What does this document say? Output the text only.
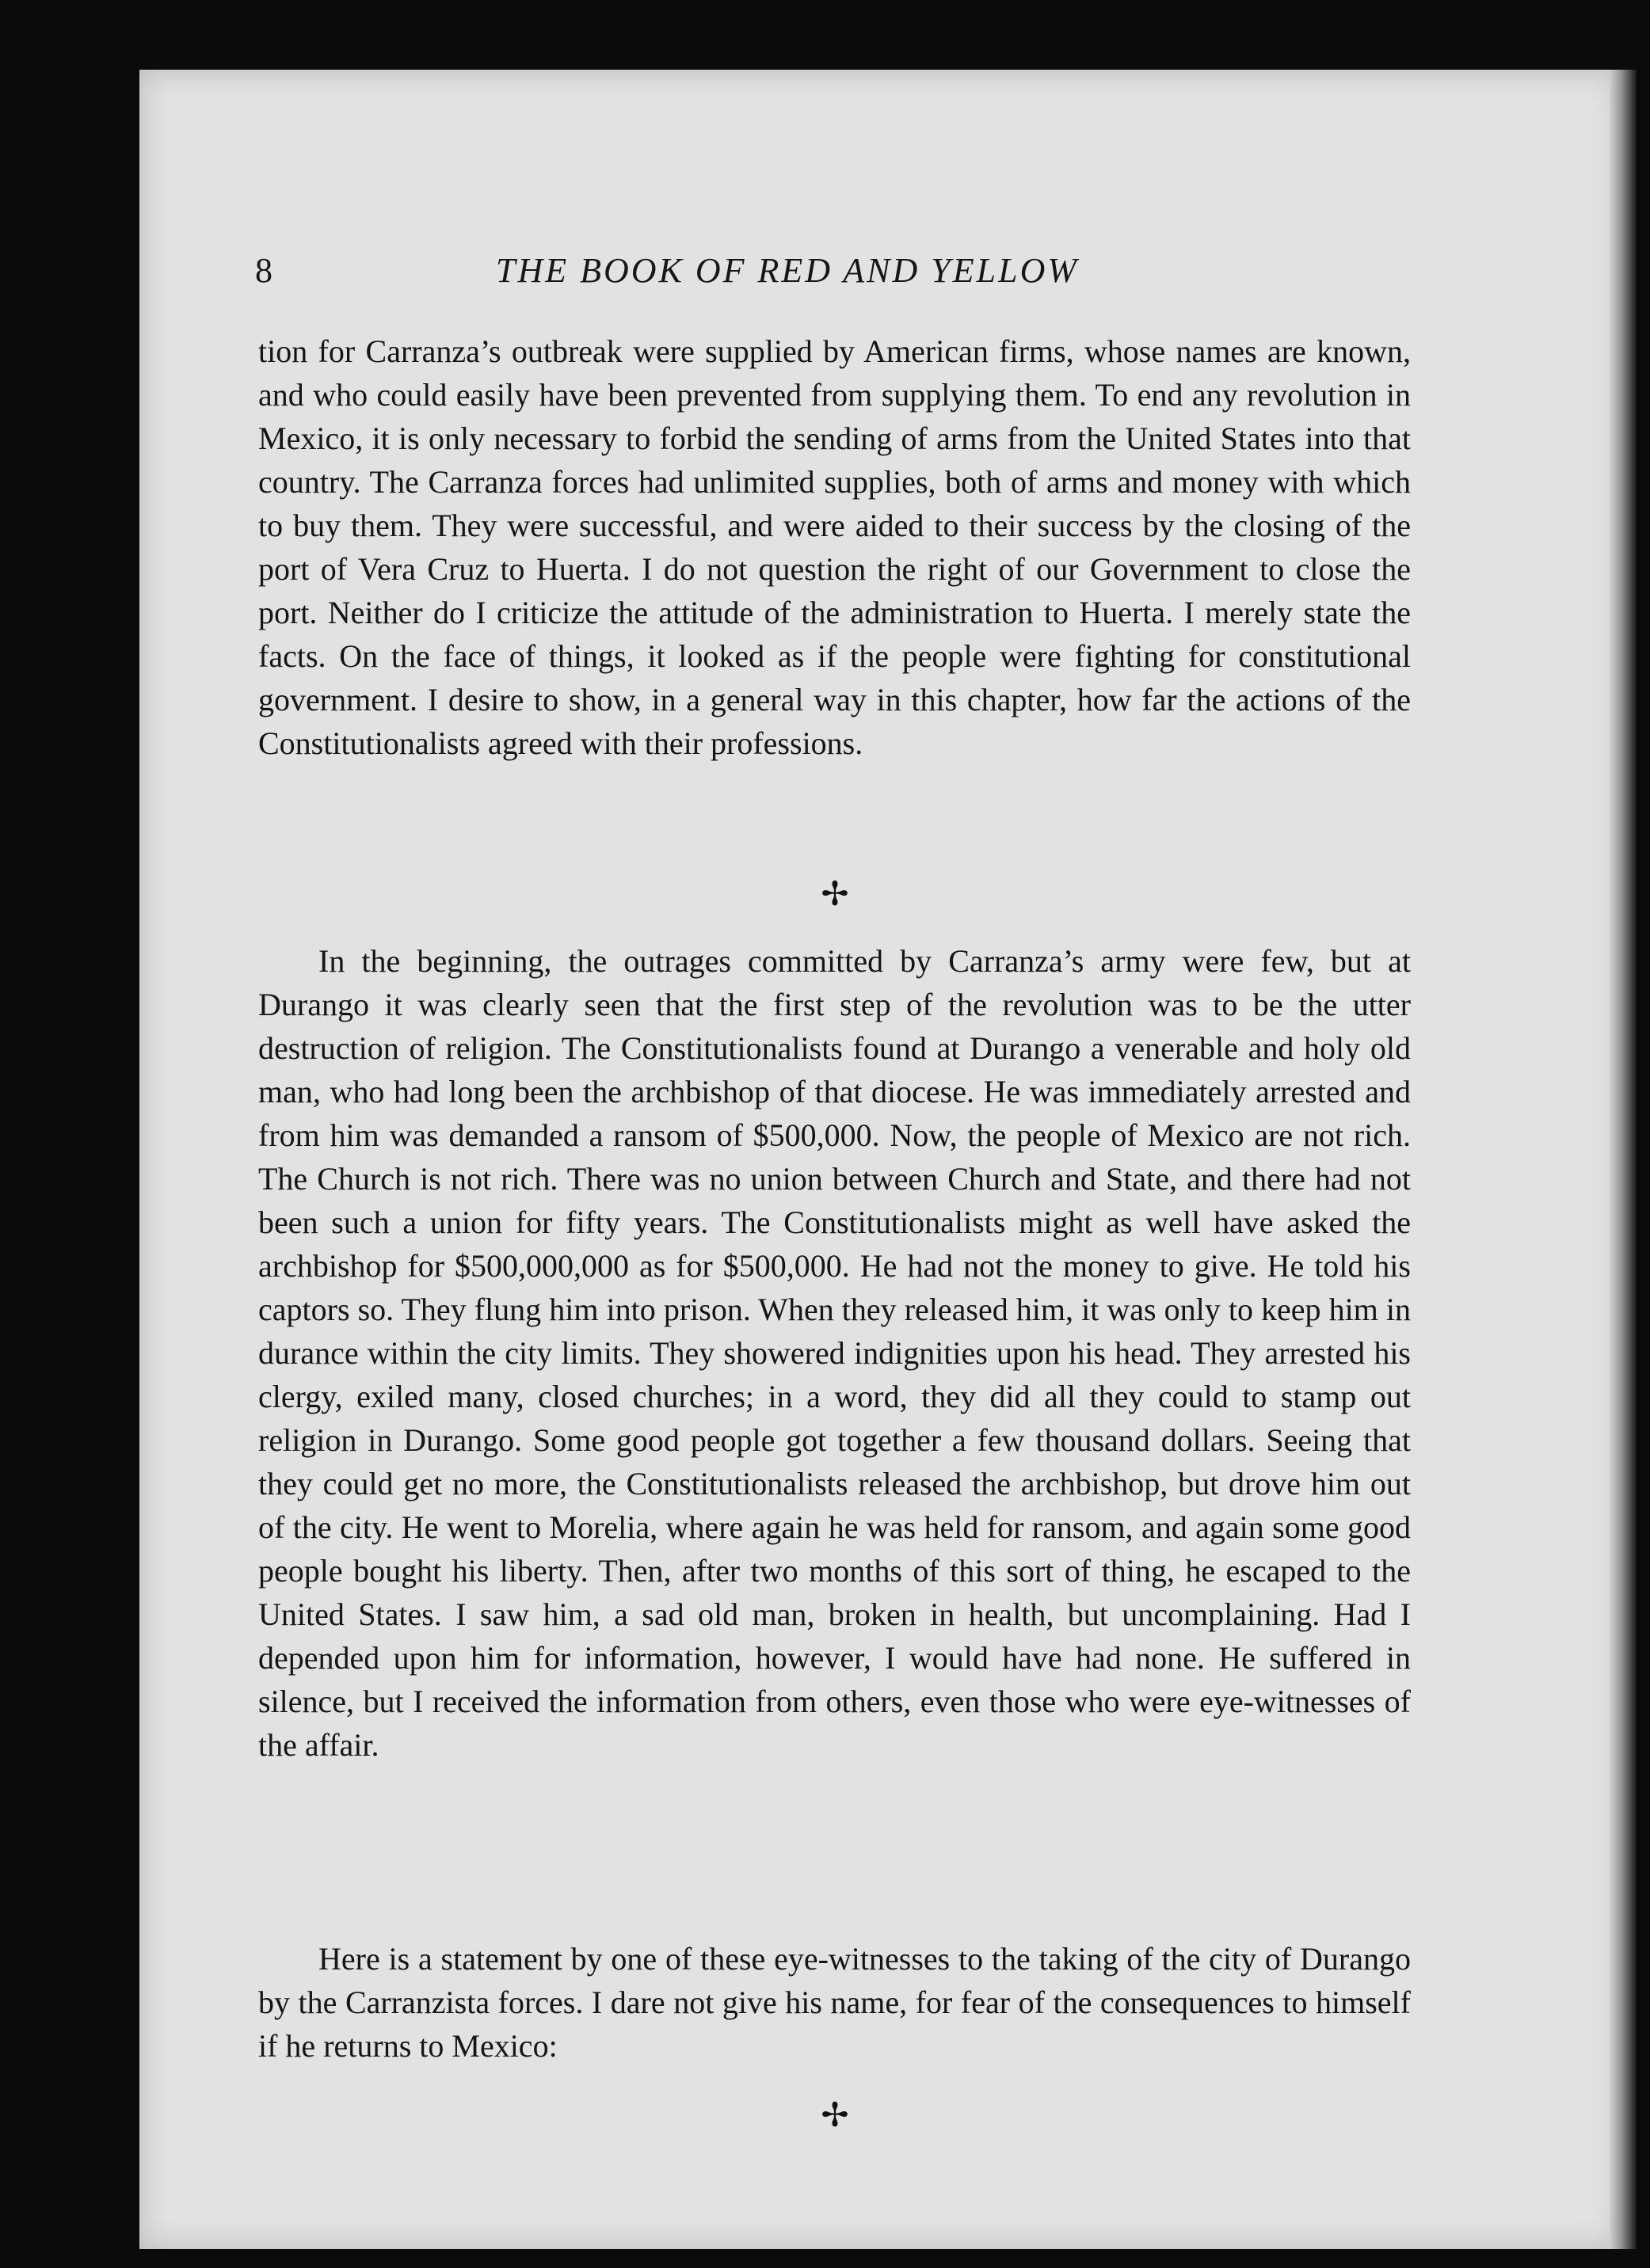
8	THE BOOK OF RED AND YELLOW
tion for Carranza’s outbreak were supplied by American firms, whose names are known, and who could easily have been prevented from supplying them. To end any revolution in Mexico, it is only necessary to forbid the sending of arms from the United States into that country. The Carranza forces had unlimited supplies, both of arms and money with which to buy them. They were successful, and were aided to their success by the closing of the port of Vera Cruz to Huerta. I do not question the right of our Government to close the port. Neither do I criticize the attitude of the administration to Huerta. I merely state the facts. On the face of things, it looked as if the people were fighting for constitutional government. I desire to show, in a general way in this chapter, how far the actions of the Constitutionalists agreed with their professions.
✢
In the beginning, the outrages committed by Carranza’s army were few, but at Durango it was clearly seen that the first step of the revolution was to be the utter destruction of religion. The Constitutionalists found at Durango a venerable and holy old man, who had long been the archbishop of that diocese. He was immediately arrested and from him was demanded a ransom of $500,000. Now, the people of Mexico are not rich. The Church is not rich. There was no union between Church and State, and there had not been such a union for fifty years. The Constitutionalists might as well have asked the archbishop for $500,000,000 as for $500,000. He had not the money to give. He told his captors so. They flung him into prison. When they released him, it was only to keep him in durance within the city limits. They showered indignities upon his head. They arrested his clergy, exiled many, closed churches; in a word, they did all they could to stamp out religion in Durango. Some good people got together a few thousand dollars. Seeing that they could get no more, the Constitutionalists released the archbishop, but drove him out of the city. He went to Morelia, where again he was held for ransom, and again some good people bought his liberty. Then, after two months of this sort of thing, he escaped to the United States. I saw him, a sad old man, broken in health, but uncomplaining. Had I depended upon him for information, however, I would have had none. He suffered in silence, but I received the information from others, even those who were eye-witnesses of the affair.
Here is a statement by one of these eye-witnesses to the taking of the city of Durango by the Carranzista forces. I dare not give his name, for fear of the consequences to himself if he returns to Mexico:
✢
